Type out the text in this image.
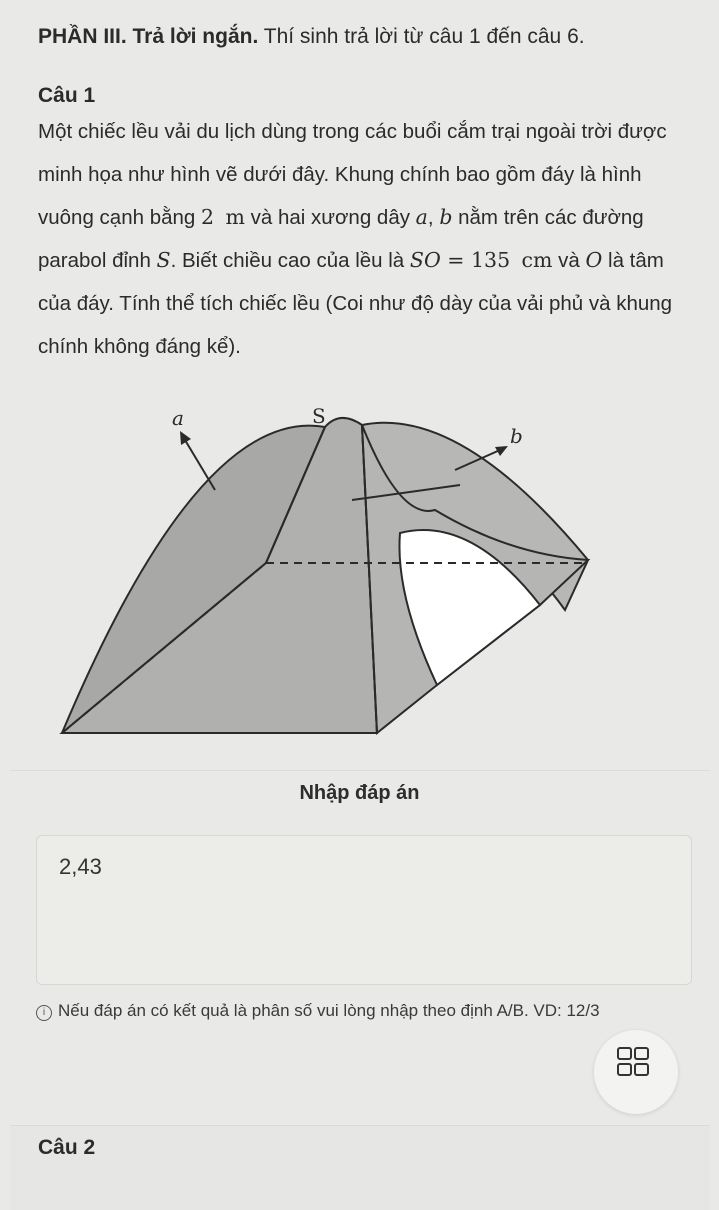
PHẦN III. Trả lời ngắn. Thí sinh trả lời từ câu 1 đến câu 6.
Câu 1
Một chiếc lều vải du lịch dùng trong các buổi cắm trại ngoài trời được minh họa như hình vẽ dưới đây. Khung chính bao gồm đáy là hình vuông cạnh bằng 2 m và hai xương dây a, b nằm trên các đường parabol đỉnh S. Biết chiều cao của lều là SO = 135 cm và O là tâm của đáy. Tính thể tích chiếc lều (Coi như độ dày của vải phủ và khung chính không đáng kể).
a	S
b
Nhập đáp án
2,43
i Nếu đáp án có kết quả là phân số vui lòng nhập theo định A/B. VD: 12/3
Câu 2
